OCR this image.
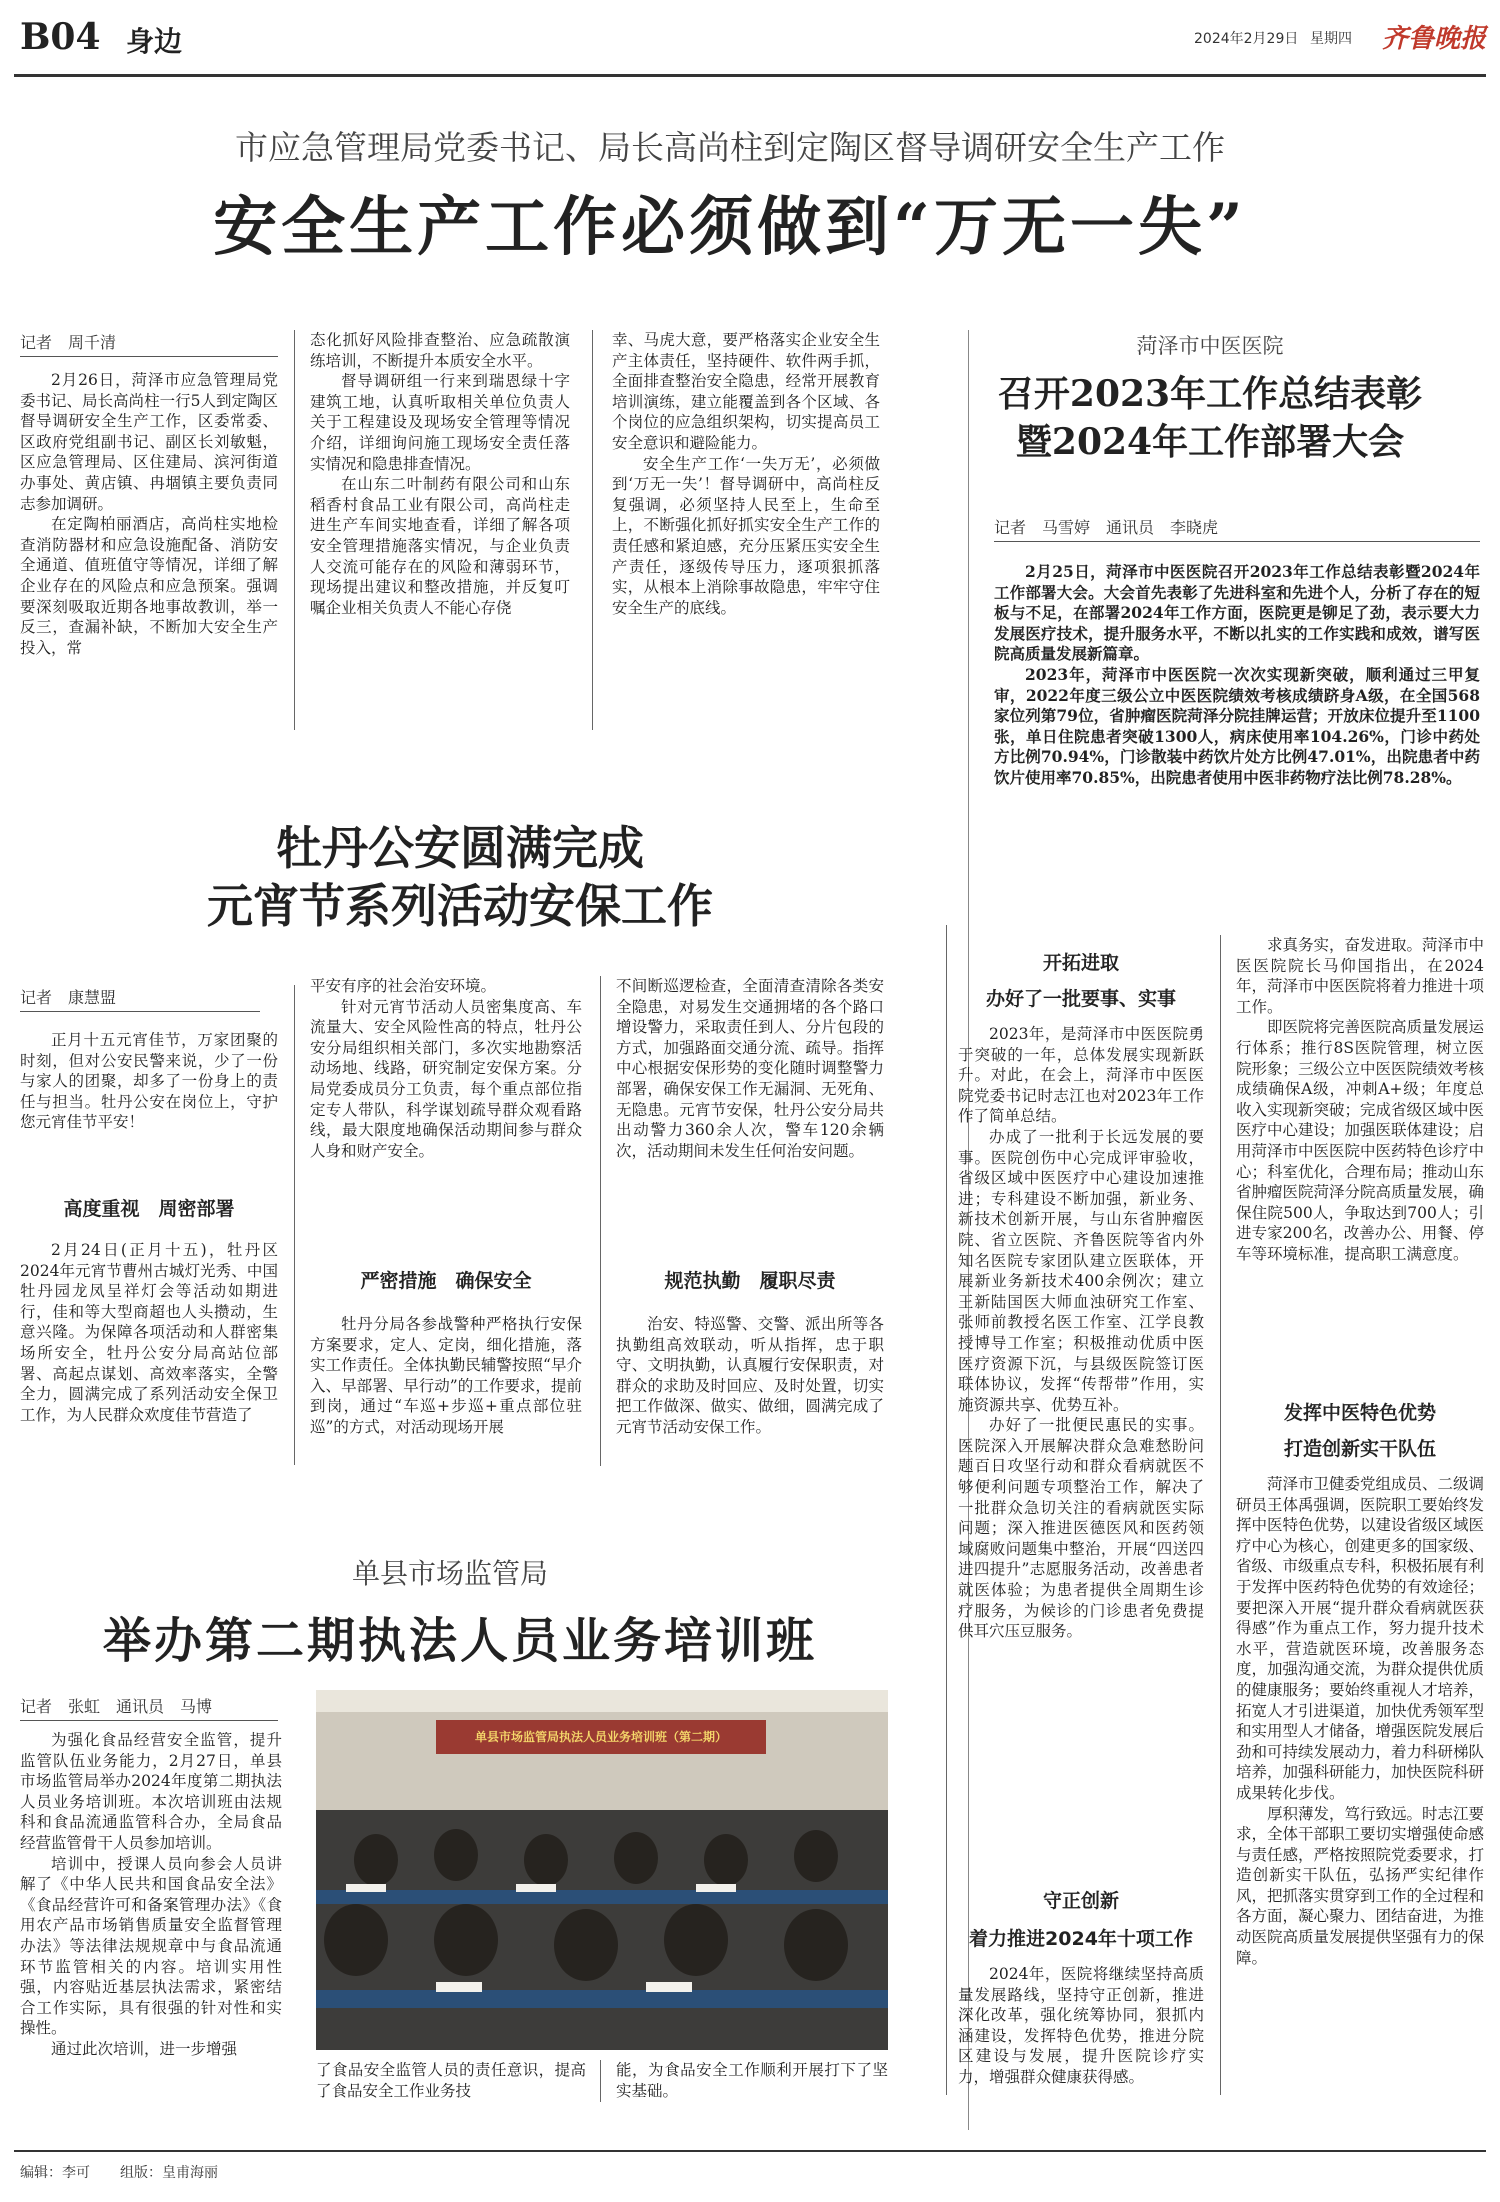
B04 身边	2024年2月29日 星期四 齐鲁晚报
市应急管理局党委书记、局长高尚柱到定陶区督导调研安全生产工作
安全生产工作必须做到“万无一失”
记者　周千清

2月26日，菏泽市应急管理局党委书记、局长高尚柱一行5人到定陶区督导调研安全生产工作，区委常委、区政府党组副书记、副区长刘敏魁，区应急管理局、区住建局、滨河街道办事处、黄店镇、冉堌镇主要负责同志参加调研。

在定陶柏丽酒店，高尚柱实地检查消防器材和应急设施配备、消防安全通道、值班值守等情况，详细了解企业存在的风险点和应急预案。强调要深刻吸取近期各地事故教训，举一反三，查漏补缺，不断加大安全生产投入，常

态化抓好风险排查整治、应急疏散演练培训，不断提升本质安全水平。

督导调研组一行来到瑞恩绿十字建筑工地，认真听取相关单位负责人关于工程建设及现场安全管理等情况介绍，详细询问施工现场安全责任落实情况和隐患排查情况。

在山东二叶制药有限公司和山东稻香村食品工业有限公司，高尚柱走进生产车间实地查看，详细了解各项安全管理措施落实情况，与企业负责人交流可能存在的风险和薄弱环节，现场提出建议和整改措施，并反复叮嘱企业相关负责人不能心存侥

幸、马虎大意，要严格落实企业安全生产主体责任，坚持硬件、软件两手抓，全面排查整治安全隐患，经常开展教育培训演练，建立能覆盖到各个区域、各个岗位的应急组织架构，切实提高员工安全意识和避险能力。

安全生产工作‘一失万无’，必须做到‘万无一失’！督导调研中，高尚柱反复强调，必须坚持人民至上，生命至上，不断强化抓好抓实安全生产工作的责任感和紧迫感，充分压紧压实安全生产责任，逐级传导压力，逐项狠抓落实，从根本上消除事故隐患，牢牢守住安全生产的底线。

菏泽市中医医院
召开2023年工作总结表彰
暨2024年工作部署大会
记者　马雪婷　通讯员　李晓虎

2月25日，菏泽市中医医院召开2023年工作总结表彰暨2024年工作部署大会。大会首先表彰了先进科室和先进个人，分析了存在的短板与不足，在部署2024年工作方面，医院更是铆足了劲，表示要大力发展医疗技术，提升服务水平，不断以扎实的工作实践和成效，谱写医院高质量发展新篇章。

2023年，菏泽市中医医院一次次实现新突破，顺利通过三甲复审，2022年度三级公立中医医院绩效考核成绩跻身A级，在全国568家位列第79位，省肿瘤医院菏泽分院挂牌运营；开放床位提升至1100张，单日住院患者突破1300人，病床使用率104.26%，门诊中药处方比例70.94%，门诊散装中药饮片处方比例47.01%，出院患者中药饮片使用率70.85%，出院患者使用中医非药物疗法比例78.28%。

开拓进取
办好了一批要事、实事

2023年，是菏泽市中医医院勇于突破的一年，总体发展实现新跃升。对此，在会上，菏泽市中医医院党委书记时志江也对2023年工作作了简单总结。

办成了一批利于长远发展的要事。医院创伤中心完成评审验收，省级区域中医医疗中心建设加速推进；专科建设不断加强，新业务、新技术创新开展，与山东省肿瘤医院、省立医院、齐鲁医院等省内外知名医院专家团队建立医联体，开展新业务新技术400余例次；建立王新陆国医大师血浊研究工作室、张师前教授名医工作室、江学良教授博导工作室；积极推动优质中医医疗资源下沉，与县级医院签订医联体协议，发挥“传帮带”作用，实施资源共享、优势互补。

办好了一批便民惠民的实事。医院深入开展解决群众急难愁盼问题百日攻坚行动和群众看病就医不够便利问题专项整治工作，解决了一批群众急切关注的看病就医实际问题；深入推进医德医风和医药领域腐败问题集中整治，开展“四送四进四提升”志愿服务活动，改善患者就医体验；为患者提供全周期生诊疗服务，为候诊的门诊患者免费提供耳穴压豆服务。

守正创新
着力推进2024年十项工作

2024年，医院将继续坚持高质量发展路线，坚持守正创新，推进深化改革，强化统筹协同，狠抓内涵建设，发挥特色优势，推进分院区建设与发展，提升医院诊疗实力，增强群众健康获得感。

求真务实，奋发进取。菏泽市中医医院院长马仰国指出，在2024年，菏泽市中医医院将着力推进十项工作。

即医院将完善医院高质量发展运行体系；推行8S医院管理，树立医院形象；三级公立中医医院绩效考核成绩确保A级，冲刺A+级；年度总收入实现新突破；完成省级区域中医医疗中心建设；加强医联体建设；启用菏泽市中医医院中医药特色诊疗中心；科室优化，合理布局；推动山东省肿瘤医院菏泽分院高质量发展，确保住院500人，争取达到700人；引进专家200名，改善办公、用餐、停车等环境标准，提高职工满意度。

发挥中医特色优势
打造创新实干队伍

菏泽市卫健委党组成员、二级调研员王体禹强调，医院职工要始终发挥中医特色优势，以建设省级区域医疗中心为核心，创建更多的国家级、省级、市级重点专科，积极拓展有利于发挥中医药特色优势的有效途径；要把深入开展“提升群众看病就医获得感”作为重点工作，努力提升技术水平，营造就医环境，改善服务态度，加强沟通交流，为群众提供优质的健康服务；要始终重视人才培养，拓宽人才引进渠道，加快优秀领军型和实用型人才储备，增强医院发展后劲和可持续发展动力，着力科研梯队培养，加强科研能力，加快医院科研成果转化步伐。

厚积薄发，笃行致远。时志江要求，全体干部职工要切实增强使命感与责任感，严格按照院党委要求，打造创新实干队伍，弘扬严实纪律作风，把抓落实贯穿到工作的全过程和各方面，凝心聚力、团结奋进，为推动医院高质量发展提供坚强有力的保障。

牡丹公安圆满完成
元宵节系列活动安保工作
记者　康慧盟

正月十五元宵佳节，万家团聚的时刻，但对公安民警来说，少了一份与家人的团聚，却多了一份身上的责任与担当。牡丹公安在岗位上，守护您元宵佳节平安！

高度重视　周密部署

2月24日(正月十五)，牡丹区2024年元宵节曹州古城灯光秀、中国牡丹园龙凤呈祥灯会等活动如期进行，佳和等大型商超也人头攒动，生意兴隆。为保障各项活动和人群密集场所安全，牡丹公安分局高站位部署、高起点谋划、高效率落实，全警全力，圆满完成了系列活动安全保卫工作，为人民群众欢度佳节营造了

平安有序的社会治安环境。

针对元宵节活动人员密集度高、车流量大、安全风险性高的特点，牡丹公安分局组织相关部门，多次实地勘察活动场地、线路，研究制定安保方案。分局党委成员分工负责，每个重点部位指定专人带队，科学谋划疏导群众观看路线，最大限度地确保活动期间参与群众人身和财产安全。

严密措施　确保安全

牡丹分局各参战警种严格执行安保方案要求，定人、定岗，细化措施，落实工作责任。全体执勤民辅警按照“早介入、早部署、早行动”的工作要求，提前到岗，通过“车巡+步巡+重点部位驻巡”的方式，对活动现场开展

不间断巡逻检查，全面清查清除各类安全隐患，对易发生交通拥堵的各个路口增设警力，采取责任到人、分片包段的方式，加强路面交通分流、疏导。指挥中心根据安保形势的变化随时调整警力部署，确保安保工作无漏洞、无死角、无隐患。元宵节安保，牡丹公安分局共出动警力360余人次，警车120余辆次，活动期间未发生任何治安问题。

规范执勤　履职尽责

治安、特巡警、交警、派出所等各执勤组高效联动，听从指挥，忠于职守、文明执勤，认真履行安保职责，对群众的求助及时回应、及时处置，切实把工作做深、做实、做细，圆满完成了元宵节活动安保工作。

单县市场监管局
举办第二期执法人员业务培训班
记者　张虹　通讯员　马博

为强化食品经营安全监管，提升监管队伍业务能力，2月27日，单县市场监管局举办2024年度第二期执法人员业务培训班。本次培训班由法规科和食品流通监管科合办，全局食品经营监管骨干人员参加培训。

培训中，授课人员向参会人员讲解了《中华人民共和国食品安全法》《食品经营许可和备案管理办法》《食用农产品市场销售质量安全监督管理办法》等法律法规规章中与食品流通环节监管相关的内容。培训实用性强，内容贴近基层执法需求，紧密结合工作实际，具有很强的针对性和实操性。

通过此次培训，进一步增强

单县市场监管局执法人员业务培训班（第二期）

了食品安全监管人员的责任意识，提高了食品安全工作业务技

能，为食品安全工作顺利开展打下了坚实基础。

编辑：李可 组版：皇甫海丽
